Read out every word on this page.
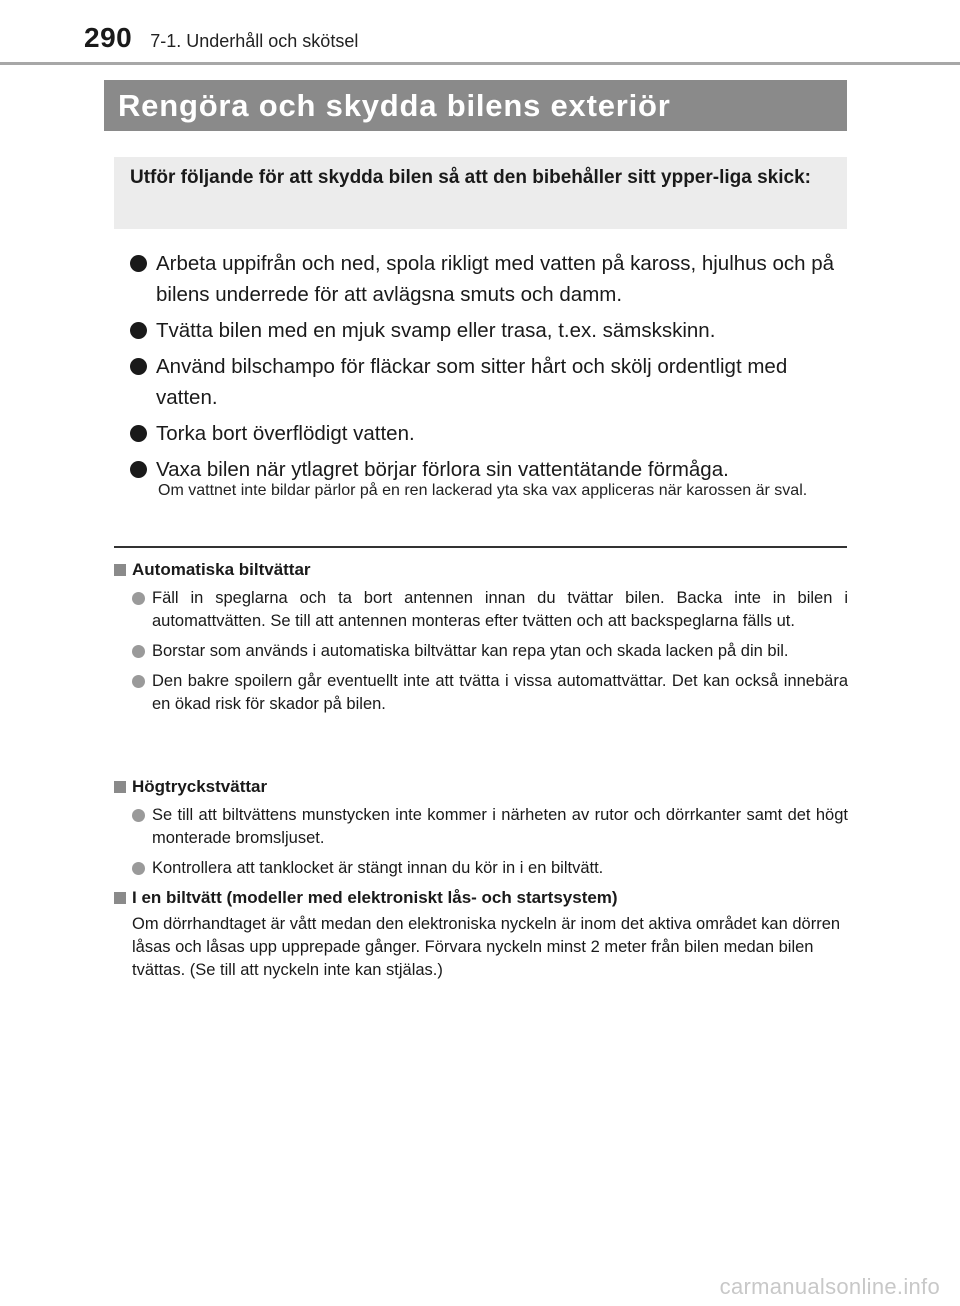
290 7-1. Underhåll och skötsel
Rengöra och skydda bilens exteriör
Utför följande för att skydda bilen så att den bibehåller sitt ypper-liga skick:
Arbeta uppifrån och ned, spola rikligt med vatten på kaross, hjulhus och på bilens underrede för att avlägsna smuts och damm.
Tvätta bilen med en mjuk svamp eller trasa, t.ex. sämskskinn.
Använd bilschampo för fläckar som sitter hårt och skölj ordentligt med vatten.
Torka bort överflödigt vatten.
Vaxa bilen när ytlagret börjar förlora sin vattentätande förmåga.
Om vattnet inte bildar pärlor på en ren lackerad yta ska vax appliceras när karossen är sval.
Automatiska biltvättar
Fäll in speglarna och ta bort antennen innan du tvättar bilen. Backa inte in bilen i automattvätten. Se till att antennen monteras efter tvätten och att backspeglarna fälls ut.
Borstar som används i automatiska biltvättar kan repa ytan och skada lacken på din bil.
Den bakre spoilern går eventuellt inte att tvätta i vissa automattvättar. Det kan också innebära en ökad risk för skador på bilen.
Högtryckstvättar
Se till att biltvättens munstycken inte kommer i närheten av rutor och dörrkanter samt det högt monterade bromsljuset.
Kontrollera att tanklocket är stängt innan du kör in i en biltvätt.
I en biltvätt (modeller med elektroniskt lås- och startsystem)
Om dörrhandtaget är vått medan den elektroniska nyckeln är inom det aktiva området kan dörren låsas och låsas upp upprepade gånger. Förvara nyckeln minst 2 meter från bilen medan bilen tvättas. (Se till att nyckeln inte kan stjälas.)
carmanualsonline.info
